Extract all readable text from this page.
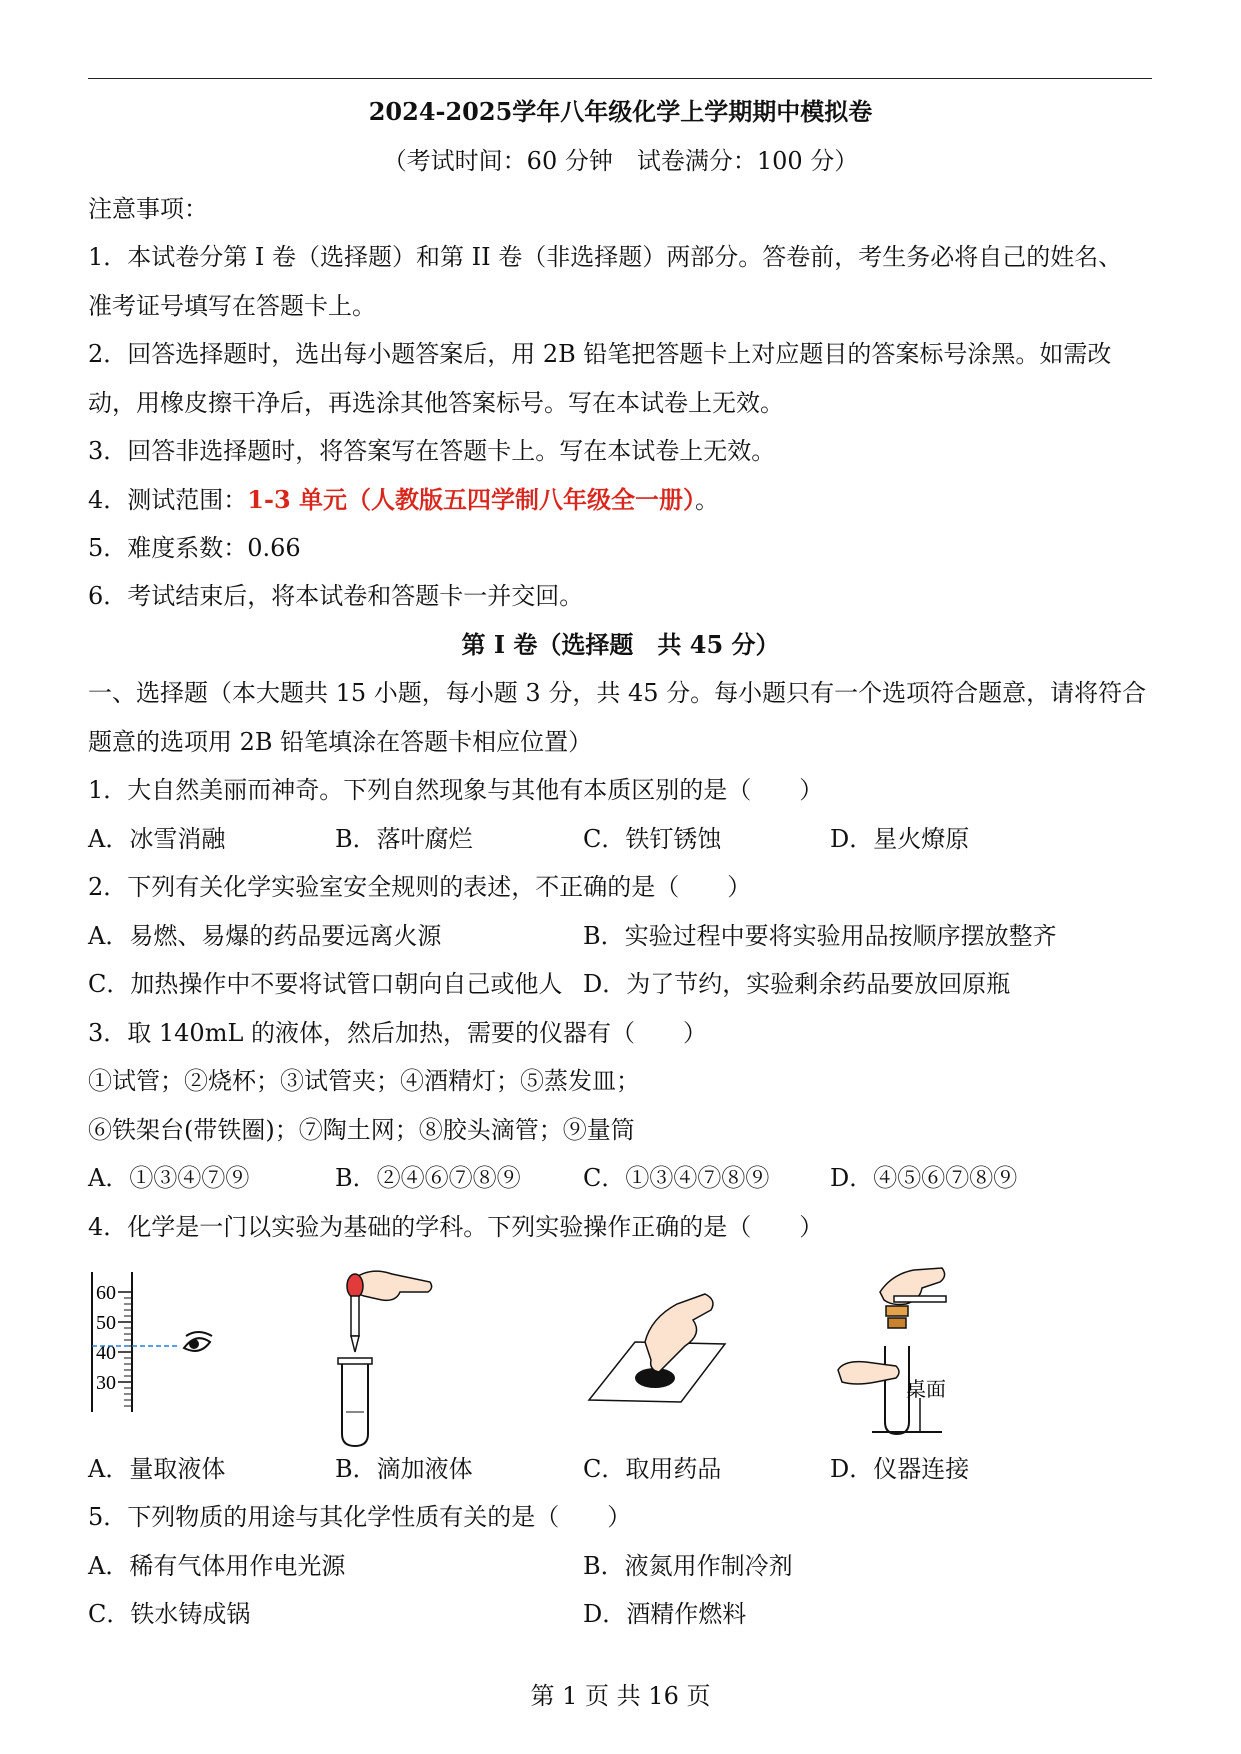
2024-2025学年八年级化学上学期期中模拟卷
（考试时间：60 分钟　试卷满分：100 分）
注意事项：
1．本试卷分第 I 卷（选择题）和第 II 卷（非选择题）两部分。答卷前，考生务必将自己的姓名、
准考证号填写在答题卡上。
2．回答选择题时，选出每小题答案后，用 2B 铅笔把答题卡上对应题目的答案标号涂黑。如需改
动，用橡皮擦干净后，再选涂其他答案标号。写在本试卷上无效。
3．回答非选择题时，将答案写在答题卡上。写在本试卷上无效。
4．测试范围：1-3 单元（人教版五四学制八年级全一册）。
5．难度系数：0.66
6．考试结束后，将本试卷和答题卡一并交回。
第 I 卷（选择题　共 45 分）
一、选择题（本大题共 15 小题，每小题 3 分，共 45 分。每小题只有一个选项符合题意，请将符合
题意的选项用 2B 铅笔填涂在答题卡相应位置）
1．大自然美丽而神奇。下列自然现象与其他有本质区别的是（　　）
A．冰雪消融	B．落叶腐烂	C．铁钉锈蚀	D．星火燎原
2．下列有关化学实验室安全规则的表述，不正确的是（　　）
A．易燃、易爆的药品要远离火源	B．实验过程中要将实验用品按顺序摆放整齐
C．加热操作中不要将试管口朝向自己或他人 D．为了节约，实验剩余药品要放回原瓶
3．取 140mL 的液体，然后加热，需要的仪器有（　　）
①试管；②烧杯；③试管夹；④酒精灯；⑤蒸发皿；
⑥铁架台(带铁圈)；⑦陶土网；⑧胶头滴管；⑨量筒
A．①③④⑦⑨	B．②④⑥⑦⑧⑨	C．①③④⑦⑧⑨	D．④⑤⑥⑦⑧⑨
4．化学是一门以实验为基础的学科。下列实验操作正确的是（　　）
60
50
40
30	桌面
A．量取液体	B．滴加液体	C．取用药品	D．仪器连接
5．下列物质的用途与其化学性质有关的是（　　）
A．稀有气体用作电光源	B．液氮用作制冷剂
C．铁水铸成锅	D．酒精作燃料
第 1 页 共 16 页
